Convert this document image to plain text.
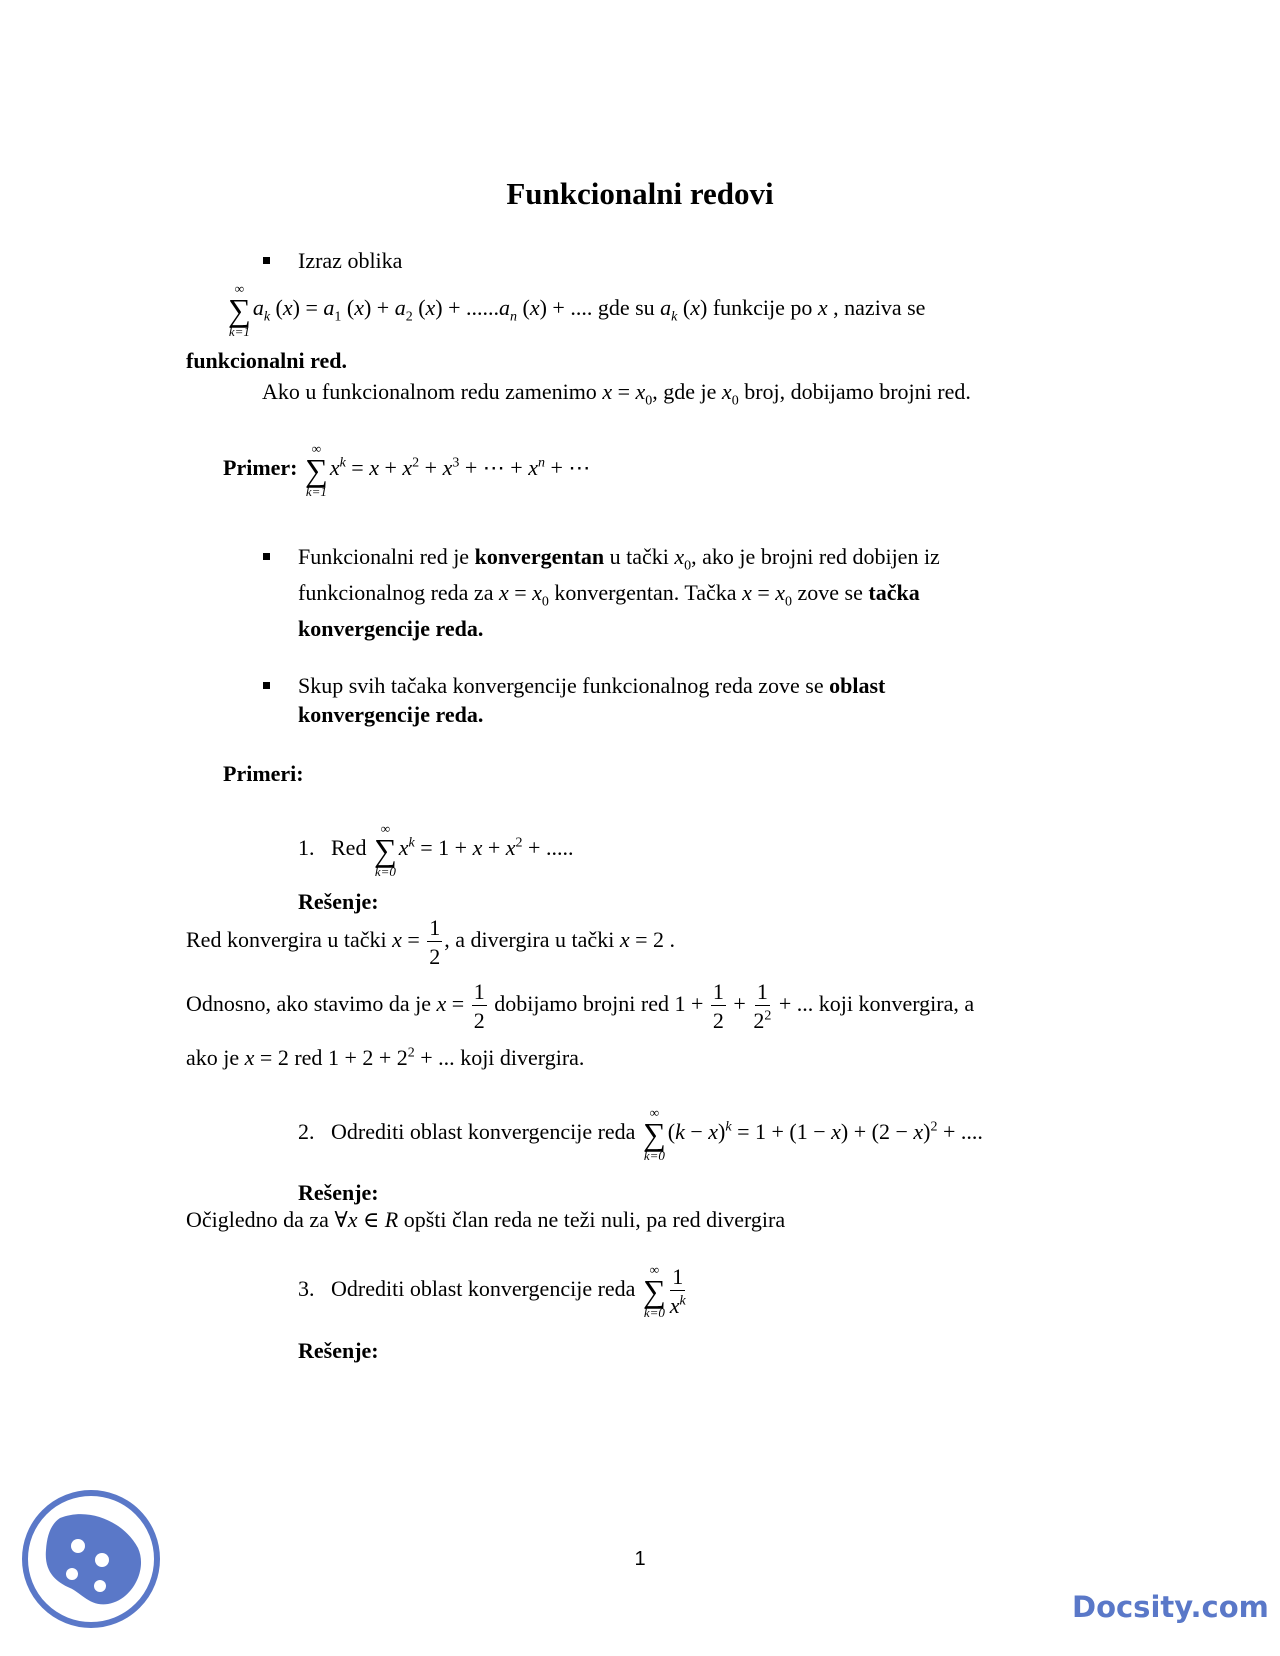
Funkcionalni redovi
Izraz oblika
∞
∑
k=1
$a_k$ $(x) = a_1$ $(x) + a_2$ $(x) + ......a_n$ (x) + .... gde su $a_k$ (x) funkcije po x , naziva se
funkcionalni red.
Ako u funkcionalnom redu zamenimo $x = x_0$, gde je $x_0$ broj, dobijamo brojni red.
Primer:
∞
∑
k=1
$x^k = x + x^2 + x^3$ + ⋯ + $x^n$ + ⋯
Funkcionalni red je konvergentan u tački $x_0$, ako je brojni red dobijen iz
funkcionalnog reda za $x = x_0$ konvergentan. Tačka $x = x_0$ zove se tačka
konvergencije reda.
Skup svih tačaka konvergencije funkcionalnog reda zove se oblast
konvergencije reda.
Primeri:
1. Red
∞
∑
k=0
$x^k = 1 + x + x^2$ + .....
Rešenje:
Red konvergira u tački $x = \frac{1}{2}$ , a divergira u tački x = 2 .
Odnosno, ako stavimo da je $x = \frac{1}{2}$ dobijamo brojni red $1 + \frac{1}{2} + \frac{1}{2^2}$ + ... koji konvergira, a
ako je x = 2 red $1 + 2 + 2^2$ + ... koji divergira.
2. Odrediti oblast konvergencije reda
∞
∑
k=0
$(k - x)^k = 1 + (1 - x) + (2 - x)^2$ + ....
Rešenje:
Očigledno da za ∀x ∈ R opšti član reda ne teži nuli, pa red divergira
3. Odrediti oblast konvergencije reda
∞
∑
$k=0 \frac{1}{x^k}$
Rešenje:
1
Docsity.com
